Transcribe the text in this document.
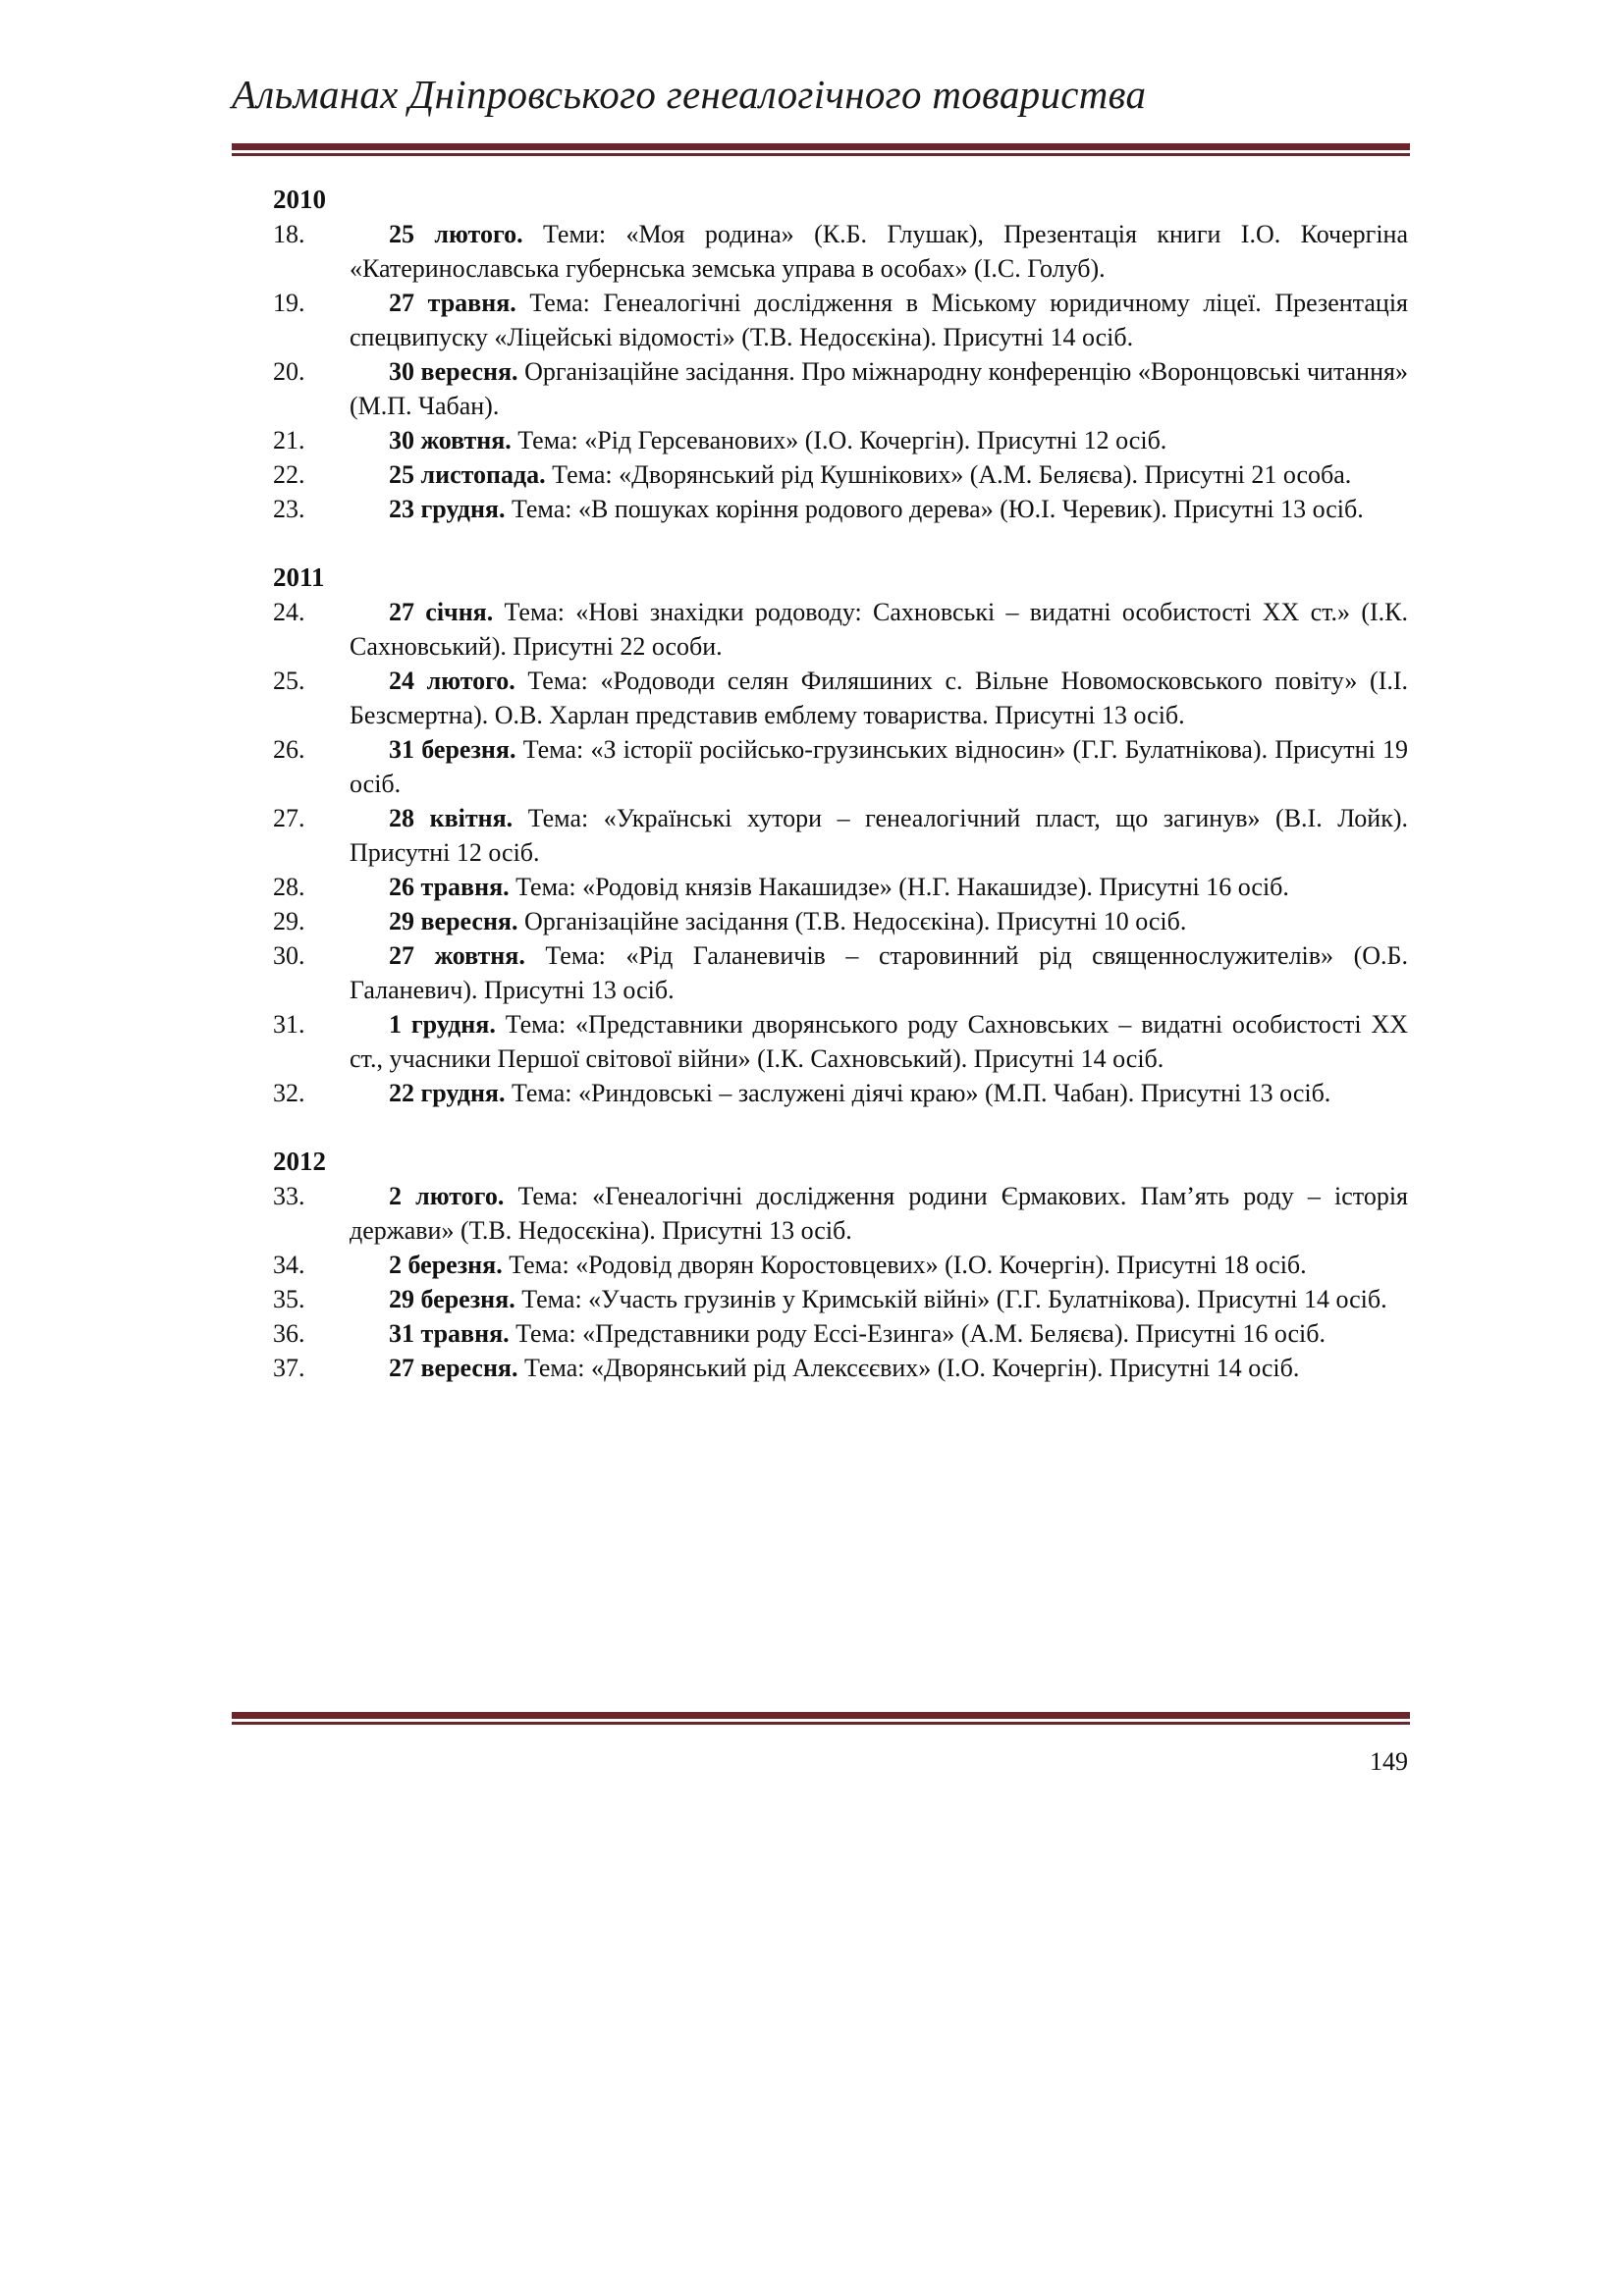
Альманах Дніпровського генеалогічного товариства

2010

18.	25 лютого. Теми: «Моя родина» (К.Б. Глушак), Презентація книги І.О. Кочергіна «Катеринославська губернська земська управа в особах» (І.С. Голуб).
19.	27 травня. Тема: Генеалогічні дослідження в Міському юридичному ліцеї. Презентація спецвипуску «Ліцейські відомості» (Т.В. Недосєкіна). Присутні 14 осіб.
20.	30 вересня. Організаційне засідання. Про міжнародну конференцію «Воронцовські читання» (М.П. Чабан).
21.	30 жовтня. Тема: «Рід Герсеванових» (І.О. Кочергін). Присутні 12 осіб.
22.	25 листопада. Тема: «Дворянський рід Кушнікових» (А.М. Беляєва). Присутні 21 особа.
23.	23 грудня. Тема: «В пошуках коріння родового дерева» (Ю.І. Черевик). Присутні 13 осіб.

2011

24.	27 січня. Тема: «Нові знахідки родоводу: Сахновські – видатні особистості ХХ ст.» (І.К. Сахновський). Присутні 22 особи.
25.	24 лютого. Тема: «Родоводи селян Филяшиних с. Вільне Новомосковського повіту» (І.І. Безсмертна). О.В. Харлан представив емблему товариства. Присутні 13 осіб.
26.	31 березня. Тема: «З історії російсько-грузинських відносин» (Г.Г. Булатнікова). Присутні 19 осіб.
27.	28 квітня. Тема: «Українські хутори – генеалогічний пласт, що загинув» (В.І. Лойк). Присутні 12 осіб.
28.	26 травня. Тема: «Родовід князів Накашидзе» (Н.Г. Накашидзе). Присутні 16 осіб.
29.	29 вересня. Організаційне засідання (Т.В. Недосєкіна). Присутні 10 осіб.
30.	27 жовтня. Тема: «Рід Галаневичів – старовинний рід священнослужителів» (О.Б. Галаневич). Присутні 13 осіб.
31.	1 грудня. Тема: «Представники дворянського роду Сахновських – видатні особистості ХХ ст., учасники Першої світової війни» (І.К. Сахновський). Присутні 14 осіб.
32.	22 грудня. Тема: «Риндовські – заслужені діячі краю» (М.П. Чабан). Присутні 13 осіб.

2012

33.	2 лютого. Тема: «Генеалогічні дослідження родини Єрмакових. Пам’ять роду – історія держави» (Т.В. Недосєкіна). Присутні 13 осіб.
34.	2 березня. Тема: «Родовід дворян Коростовцевих» (І.О. Кочергін). Присутні 18 осіб.
35.	29 березня. Тема: «Участь грузинів у Кримській війні» (Г.Г. Булатнікова). Присутні 14 осіб.
36.	31 травня. Тема: «Представники роду Ессі-Езинга» (А.М. Беляєва). Присутні 16 осіб.
37.	27 вересня. Тема: «Дворянський рід Алексєєвих» (І.О. Кочергін). Присутні 14 осіб.
149
